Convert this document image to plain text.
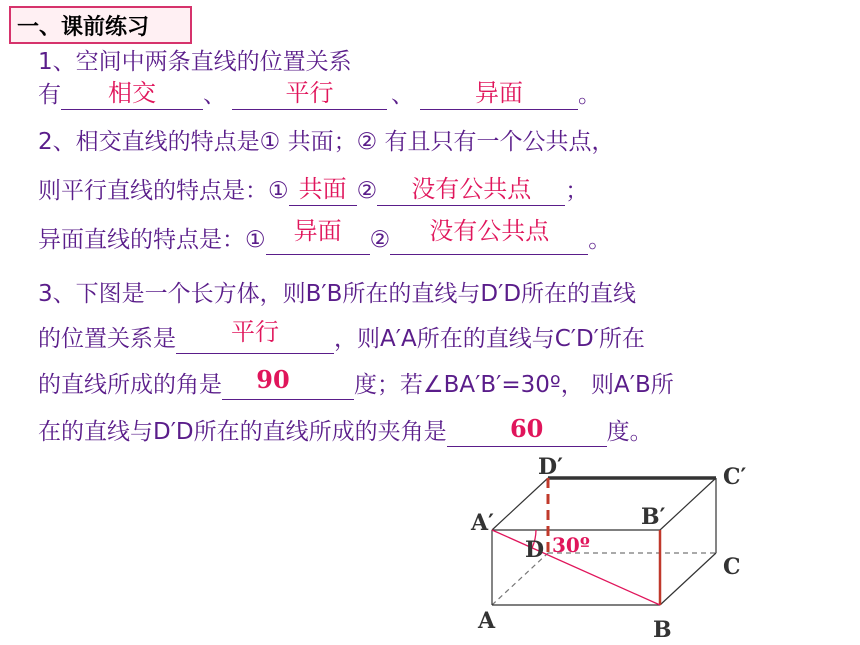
一、课前练习
1、空间中两条直线的位置关系
有	相交	、	平行	、	异面	。
2、相交直线的特点是① 共面；② 有且只有一个公共点，
则平行直线的特点是：① 共面 ②	没有公共点	；
异面直线的特点是：①	异面	②	没有公共点	。
3、下图是一个长方体，则B′B所在的直线与D′D所在的直线
的位置关系是	平行	，则A′A所在的直线与C′D′所在
的直线所成的角是	90	度；若∠BA′B′=30º， 则A′B所
在的直线与D′D所在的直线所成的夹角是	60	度。
D′	C′
A′	B′
D
C
A	B
30º
